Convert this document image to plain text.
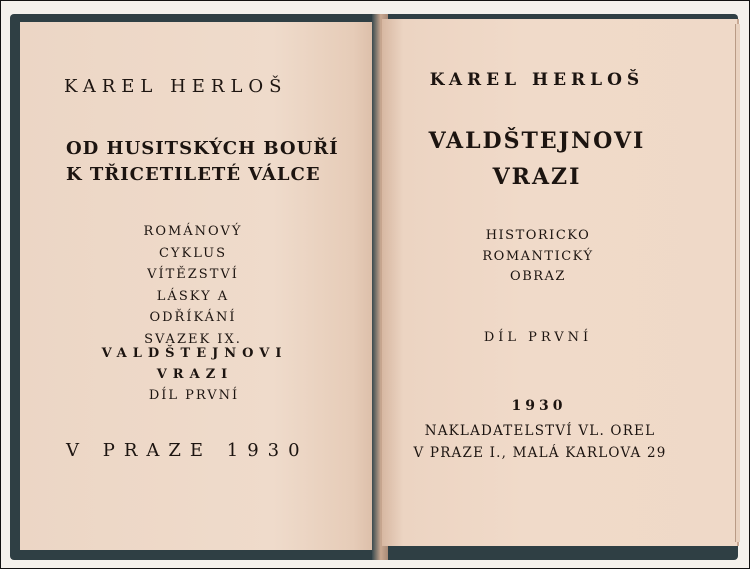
KAREL HERLOŠ
OD HUSITSKÝCH BOUŘÍ
K TŘICETILETÉ VÁLCE
ROMÁNOVÝ
CYKLUS
VÍTĚZSTVÍ
LÁSKY A
ODŘÍKÁNÍ
SVAZEK IX.
VALDŠTEJNOVI
VRAZI
DÍL PRVNÍ
V PRAZE 1930
KAREL HERLOŠ
VALDŠTEJNOVI
VRAZI
HISTORICKO
ROMANTICKÝ
OBRAZ
DÍL PRVNÍ
1930
NAKLADATELSTVÍ VL. OREL
V PRAZE I., MALÁ KARLOVA 29
